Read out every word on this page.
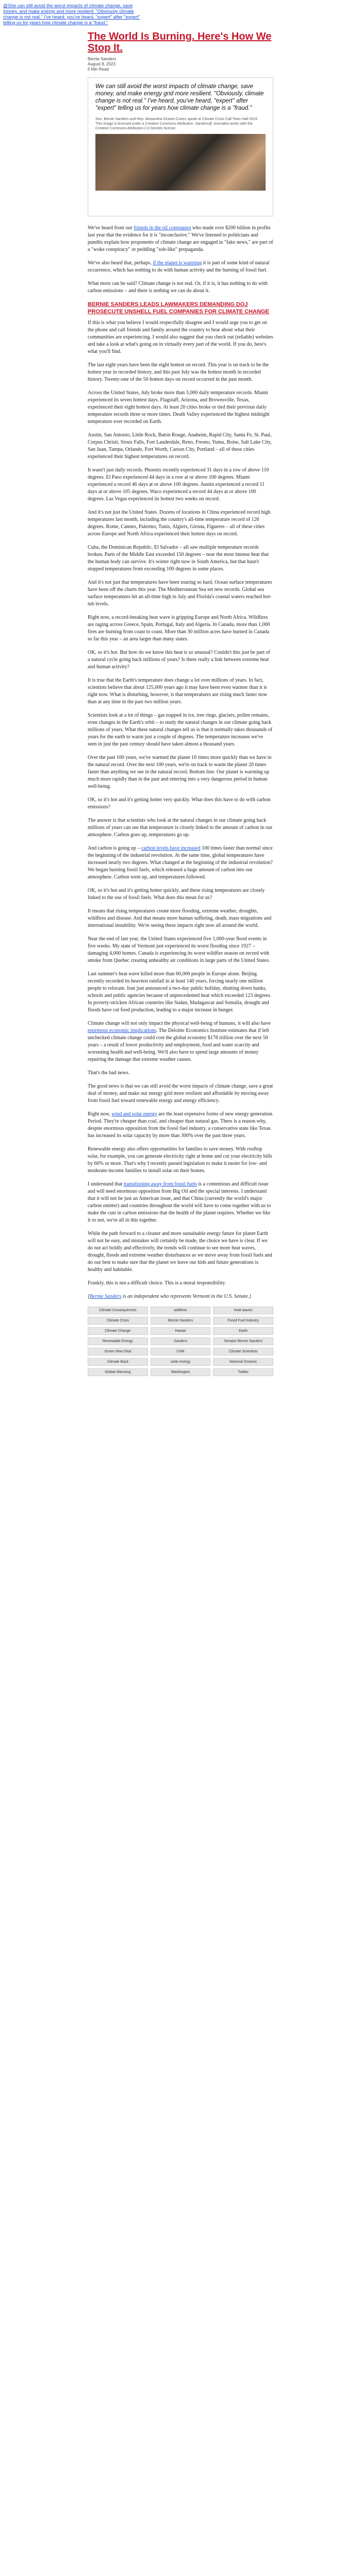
@She can still avoid the worst impacts of climate change, save money, and make energy and more resilient: "Obviously climate change is not real." I've heard, you've heard, "expert" after "expert" telling us for years how climate change is a "fraud."
The World Is Burning. Here's How We Stop It.
Bernie Sanders
August 8, 2023
5 Min Read
We can still avoid the worst impacts of climate change, save money, and make energy grid more resilient. "Obviously, climate change is not real." I've heard, you've heard, "expert" after "expert" telling us for years how climate change is a "fraud."
Sen. Bernie Sanders and Rep. Alexandria Ocasio-Cortez speak at Climate Crisis Call Town Hall 2019. This image is licensed under a Creative Commons Attribution. Sanders@ Journalist works with the Creative Commons Attribution 2.0 Generic license.

We've heard from our friends in the oil companies who made over $200 billion in profits last year that the evidence for it is "inconclusive." We've listened to politicians and pundits explain how proponents of climate change are engaged in "fake news," are part of a "woke conspiracy" or peddling "sob-like" propaganda.

We've also heard that, perhaps, if the planet is warming it is part of some kind of natural occurrence, which has nothing to do with human activity and the burning of fossil fuel.

What more can be said? Climate change is not real. Or, if it is, it has nothing to do with carbon emissions – and there is nothing we can do about it.

BERNIE SANDERS LEADS LAWMAKERS DEMANDING DOJ PROSECUTE UNSHELL FUEL COMPANIES FOR CLIMATE CHANGE

If this is what you believe I would respectfully disagree and I would urge you to get on the phone and call friends and family around the country to hear about what their communities are experiencing. I would also suggest that you check out (reliable) websites and take a look at what's going on in virtually every part of the world. If you do, here's what you'll find.

The last eight years have been the eight hottest on record. This year is on track to be the hottest year in recorded history, and this past July was the hottest month in recorded history. Twenty-one of the 50 hottest days on record occurred in the past month.

Across the United States, July broke more than 3,000 daily temperature records. Miami experienced its seven hottest days. Flagstaff, Arizona, and Brownsville, Texas, experienced their eight hottest days. At least 20 cities broke or tied their previous daily temperature records three or more times. Death Valley experienced the highest midnight temperature ever recorded on Earth.

Austin, San Antonio, Little Rock, Baton Rouge, Anaheim, Rapid City, Santa Fe, St. Paul, Corpus Christi, Sioux Falls, Fort Lauderdale, Reno, Fresno, Yuma, Boise, Salt Lake City, San Juan, Tampa, Orlando, Fort Worth, Carson City, Portland – all of these cities experienced their highest temperatures on record.

It wasn't just daily records. Phoenix recently experienced 31 days in a row of above 110 degrees. El Paso experienced 44 days in a row at or above 100 degrees. Miami experienced a record 46 days at or above 100 degrees. Austin experienced a record 11 days at or above 105 degrees. Waco experienced a record 44 days at or above 100 degrees. Las Vegas experienced its hottest two weeks on record.

And it's not just the United States. Dozens of locations in China experienced record high temperatures last month, including the country's all-time temperature record of 126 degrees. Rome, Cannes, Palermo, Tunis, Algiers, Girona, Figueres – all of these cities across Europe and North Africa experienced their hottest days on record.

Cuba, the Dominican Republic, El Salvador – all saw multiple temperature records broken. Parts of the Middle East exceeded 150 degrees – near the most intense heat that the human body can survive. It's winter right now in South America, but that hasn't stopped temperatures from exceeding 100 degrees in some places.

And it's not just that temperatures have been soaring so hard. Ocean surface temperatures have been off the charts this year. The Mediterranean Sea set new records. Global sea surface temperatures hit an all-time high in July and Florida's coastal waters reached hot-tub levels.

Right now, a record-breaking heat wave is gripping Europe and North Africa. Wildfires are raging across Greece, Spain, Portugal, Italy and Algeria. In Canada, more than 1,000 fires are burning from coast to coast. More than 30 million acres have burned in Canada so far this year – an area larger than many states.

OK, so it's hot. But how do we know this heat is so unusual? Couldn't this just be part of a natural cycle going back millions of years? Is there really a link between extreme heat and human activity?

It is true that the Earth's temperature does change a lot over millions of years. In fact, scientists believe that about 125,000 years ago it may have been even warmer than it is right now. What is disturbing, however, is that temperatures are rising much faster now than at any time in the past two million years.

Scientists look at a lot of things – gas trapped in ice, tree rings, glaciers, pollen remains, even changes in the Earth's orbit – to study the natural changes in our climate going back millions of years. What these natural changes tell us is that it normally takes thousands of years for the earth to warm just a couple of degrees. The temperature increases we've seen in just the past century should have taken almost a thousand years.

Over the past 100 years, we've warmed the planet 10 times more quickly than we have in the natural record. Over the next 100 years, we're on track to warm the planet 20 times faster than anything we see in the natural record. Bottom line: Our planet is warming up much more rapidly than in the past and entering into a very dangerous period in human well-being.

OK, so it's hot and it's getting hotter very quickly. What does this have to do with carbon emissions?

The answer is that scientists who look at the natural changes in our climate going back millions of years can see that temperature is closely linked to the amount of carbon in our atmosphere. Carbon goes up, temperatures go up.

And carbon is going up – carbon levels have increased 100 times faster than normal since the beginning of the industrial revolution. At the same time, global temperatures have increased nearly two degrees. What changed at the beginning of the industrial revolution? We began burning fossil fuels, which released a huge amount of carbon into our atmosphere. Carbon went up, and temperatures followed.

OK, so it's hot and it's getting hotter quickly, and these rising temperatures are closely linked to the use of fossil fuels. What does this mean for us?

It means that rising temperatures create more flooding, extreme weather, droughts, wildfires and disease. And that means more human suffering, death, mass migrations and international instability. We're seeing these impacts right now all around the world.

Near the end of last year, the United States experienced five 1,000-year flood events in five weeks. My state of Vermont just experienced its worst flooding since 1927 – damaging 4,000 homes. Canada is experiencing its worst wildfire season on record with smoke from Quebec creating unhealthy air conditions in large parts of the United States.

Last summer's heat wave killed more than 60,000 people in Europe alone. Beijing recently recorded its heaviest rainfall in at least 140 years, forcing nearly one million people to relocate. Iran just announced a two-day public holiday, shutting down banks, schools and public agencies because of unprecedented heat which exceeded 123 degrees. In poverty-stricken African countries like Sudan, Madagascar and Somalia, drought and floods have cut food production, leading to a major increase in hunger.

Climate change will not only impact the physical well-being of humans, it will also have enormous economic implications. The Deloitte Economics Institute estimates that if left unchecked climate change could cost the global economy $178 trillion over the next 50 years – a result of lower productivity and employment, food and water scarcity and worsening health and well-being. We'll also have to spend large amounts of money repairing the damage that extreme weather causes.

That's the bad news.

The good news is that we can still avoid the worst impacts of climate change, save a great deal of money, and make our energy grid more resilient and affordable by moving away from fossil fuel toward renewable energy and energy efficiency.

Right now, wind and solar energy are the least expensive forms of new energy generation. Period. They're cheaper than coal, and cheaper than natural gas. There is a reason why, despite enormous opposition from the fossil fuel industry, a conservative state like Texas has increased its solar capacity by more than 300% over the past three years.

Renewable energy also offers opportunities for families to save money. With rooftop solar, for example, you can generate electricity right at home and cut your electricity bills by 60% or more. That's why I recently passed legislation to make it easier for low- and moderate-income families to install solar on their homes.

I understand that transitioning away from fossil fuels is a contentious and difficult issue and will need enormous opposition from Big Oil and the special interests. I understand that it will not be just an American issue, and that China (currently the world's major carbon emitter) and countries throughout the world will have to come together with us to make the cuts in carbon emissions that the health of the planet requires. Whether we like it or not, we're all in this together.

While the path forward to a cleaner and more sustainable energy future for planet Earth will not be easy, and mistakes will certainly be made, the choice we have is clear. If we do not act boldly and effectively, the trends will continue to see more heat waves, drought, floods and extreme weather disturbances as we move away from fossil fuels and do our best to make sure that the planet we leave our kids and future generations is healthy and habitable.

Frankly, this is not a difficult choice. This is a moral responsibility.

[Bernie Sanders is an independent who represents Vermont in the U.S. Senate.]

Climate Consequences	wildfires	heat waves
Climate Crisis	Bernie Sanders	Fossil Fuel Industry
Climate Change	Hawaii	Earth
Renewable Energy	Sanders	Senator Bernie Sanders
Green New Deal	CNN	Climate Scientists
Climate Back	solar energy	National Oceanic
Global Warming	Washington	Twitter
